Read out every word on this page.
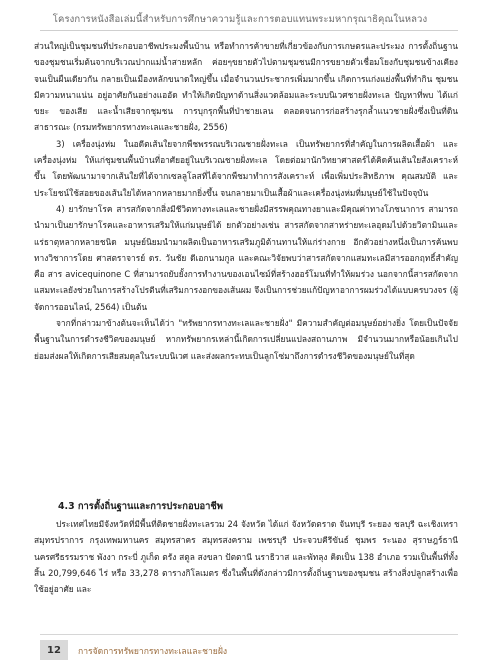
โครงการหนังสือเล่มนี้สำหรับการศึกษาความรู้และการตอบแทนพระมหากรุณาธิคุณในหลวง

ส่วนใหญ่เป็นชุมชนที่ประกอบอาชีพประมงพื้นบ้าน หรือทำการค้าขายที่เกี่ยวข้องกับการเกษตรและประมง การตั้งถิ่นฐานของชุมชนเริ่มต้นจากบริเวณปากแม่น้ำสายหลัก ค่อยๆขยายตัวไปตามชุมชนมีการขยายตัวเชื่อมโยงกับชุมชนข้างเคียงจนเป็นผืนเดียวกัน กลายเป็นเมืองหลักขนาดใหญ่ขึ้น เมื่อจำนวนประชากรเพิ่มมากขึ้น เกิดการแก่งแย่งพื้นที่ทำกิน ชุมชนมีความหนาแน่น อยู่อาศัยกันอย่างแออัด ทำให้เกิดปัญหาด้านสิ่งแวดล้อมและระบบนิเวศชายฝั่งทะเล ปัญหาที่พบ ได้แก่ ขยะ ของเสีย และน้ำเสียจากชุมชน การบุกรุกพื้นที่ป่าชายเลน ตลอดจนการก่อสร้างรุกล้ำแนวชายฝั่งซึ่งเป็นที่ดินสาธารณะ (กรมทรัพยากรทางทะเลและชายฝั่ง, 2556)

3) เครื่องนุ่งห่ม ในอดีตเส้นใยจากพืชพรรณบริเวณชายฝั่งทะเล เป็นทรัพยากรที่สำคัญในการผลิตเสื้อผ้า และเครื่องนุ่งห่ม ให้แก่ชุมชนพื้นบ้านที่อาศัยอยู่ในบริเวณชายฝั่งทะเล โดยต่อมานักวิทยาศาสตร์ได้คิดค้นเส้นใยสังเคราะห์ขึ้น โดยพัฒนามาจากเส้นใยที่ได้จากเซลลูโลสที่ได้จากพืชมาทำการสังเคราะห์ เพื่อเพิ่มประสิทธิภาพ คุณสมบัติ และประโยชน์ใช้สอยของเส้นใยได้หลากหลายมากยิ่งขึ้น จนกลายมาเป็นเสื้อผ้าและเครื่องนุ่งห่มที่มนุษย์ใช้ในปัจจุบัน

4) ยารักษาโรค สารสกัดจากสิ่งมีชีวิตทางทะเลและชายฝั่งมีสรรพคุณทางยาและมีคุณค่าทางโภชนาการ สามารถนำมาเป็นยารักษาโรคและอาหารเสริมให้แก่มนุษย์ได้ ยกตัวอย่างเช่น สารสกัดจากสาหร่ายทะเลอุดมไปด้วยวิตามินและแร่ธาตุหลากหลายชนิด มนุษย์นิยมนำมาผลิตเป็นอาหารเสริมภูมิต้านทานให้แก่ร่างกาย อีกตัวอย่างหนึ่งเป็นการค้นพบทางวิชาการโดย ศาสตราจารย์ ดร. วันชัย ดีเอกนามกูล และคณะวิจัยพบว่าสารสกัดจากแสมทะเลมีสารออกฤทธิ์สำคัญ คือ สาร avicequinone C ที่สามารถยับยั้งการทำงานของเอนไซม์ที่สร้างฮอร์โมนที่ทำให้ผมร่วง นอกจากนี้สารสกัดจากแสมทะเลยังช่วยในการสร้างโปรตีนที่เสริมการงอกของเส้นผม จึงเป็นการช่วยแก้ปัญหาอาการผมร่วงได้แบบครบวงจร (ผู้จัดการออนไลน์, 2564) เป็นต้น

จากที่กล่าวมาข้างต้นจะเห็นได้ว่า "ทรัพยากรทางทะเลและชายฝั่ง" มีความสำคัญต่อมนุษย์อย่างยิ่ง โดยเป็นปัจจัยพื้นฐานในการดำรงชีวิตของมนุษย์ หากทรัพยากรเหล่านี้เกิดการเปลี่ยนแปลงสถานภาพ มีจำนวนมากหรือน้อยเกินไป ย่อมส่งผลให้เกิดการเสียสมดุลในระบบนิเวศ และส่งผลกระทบเป็นลูกโซ่มาถึงการดำรงชีวิตของมนุษย์ในที่สุด

4.3 การตั้งถิ่นฐานและการประกอบอาชีพ

ประเทศไทยมีจังหวัดที่มีพื้นที่ติดชายฝั่งทะเลรวม 24 จังหวัด ได้แก่ จังหวัดตราด จันทบุรี ระยอง ชลบุรี ฉะเชิงเทรา สมุทรปราการ กรุงเทพมหานคร สมุทรสาคร สมุทรสงคราม เพชรบุรี ประจวบคีรีขันธ์ ชุมพร ระนอง สุราษฎร์ธานี นครศรีธรรมราช พังงา กระบี่ ภูเก็ต ตรัง สตูล สงขลา ปัตตานี นราธิวาส และพัทลุง คิดเป็น 138 อำเภอ รวมเป็นพื้นที่ทั้งสิ้น 20,799,646 ไร่ หรือ 33,278 ตารางกิโลเมตร ซึ่งในพื้นที่ดังกล่าวมีการตั้งถิ่นฐานของชุมชน สร้างสิ่งปลูกสร้างเพื่อใช้อยู่อาศัย และ

12	การจัดการทรัพยากรทางทะเลและชายฝั่ง
